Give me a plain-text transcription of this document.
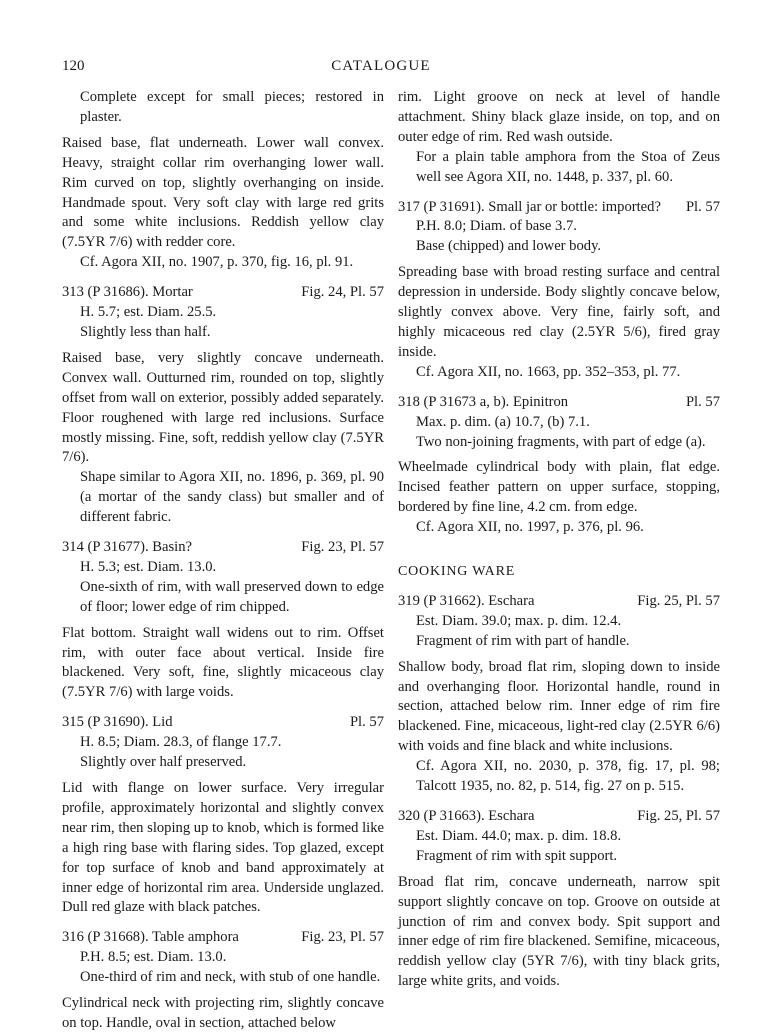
120	CATALOGUE

Complete except for small pieces; restored in plaster.

Raised base, flat underneath. Lower wall convex. Heavy, straight collar rim overhanging lower wall. Rim curved on top, slightly overhanging on inside. Handmade spout. Very soft clay with large red grits and some white inclusions. Reddish yellow clay (7.5YR 7/6) with redder core.

Cf. Agora XII, no. 1907, p. 370, fig. 16, pl. 91.

313 (P 31686). Mortar	Fig. 24, Pl. 57

H. 5.7; est. Diam. 25.5.

Slightly less than half.

Raised base, very slightly concave underneath. Convex wall. Outturned rim, rounded on top, slightly offset from wall on exterior, possibly added separately. Floor roughened with large red inclusions. Surface mostly missing. Fine, soft, reddish yellow clay (7.5YR 7/6).

Shape similar to Agora XII, no. 1896, p. 369, pl. 90 (a mortar of the sandy class) but smaller and of different fabric.

314 (P 31677). Basin?	Fig. 23, Pl. 57

H. 5.3; est. Diam. 13.0.

One-sixth of rim, with wall preserved down to edge of floor; lower edge of rim chipped.

Flat bottom. Straight wall widens out to rim. Offset rim, with outer face about vertical. Inside fire blackened. Very soft, fine, slightly micaceous clay (7.5YR 7/6) with large voids.

315 (P 31690). Lid	Pl. 57

H. 8.5; Diam. 28.3, of flange 17.7.

Slightly over half preserved.

Lid with flange on lower surface. Very irregular profile, approximately horizontal and slightly convex near rim, then sloping up to knob, which is formed like a high ring base with flaring sides. Top glazed, except for top surface of knob and band approximately at inner edge of horizontal rim area. Underside unglazed. Dull red glaze with black patches.

316 (P 31668). Table amphora	Fig. 23, Pl. 57

P.H. 8.5; est. Diam. 13.0.

One-third of rim and neck, with stub of one handle.

Cylindrical neck with projecting rim, slightly concave on top. Handle, oval in section, attached below

rim. Light groove on neck at level of handle attachment. Shiny black glaze inside, on top, and on outer edge of rim. Red wash outside.

For a plain table amphora from the Stoa of Zeus well see Agora XII, no. 1448, p. 337, pl. 60.

317 (P 31691). Small jar or bottle: imported?	Pl. 57

P.H. 8.0; Diam. of base 3.7.

Base (chipped) and lower body.

Spreading base with broad resting surface and central depression in underside. Body slightly concave below, slightly convex above. Very fine, fairly soft, and highly micaceous red clay (2.5YR 5/6), fired gray inside.

Cf. Agora XII, no. 1663, pp. 352–353, pl. 77.

318 (P 31673 a, b). Epinitron	Pl. 57

Max. p. dim. (a) 10.7, (b) 7.1.

Two non-joining fragments, with part of edge (a).

Wheelmade cylindrical body with plain, flat edge. Incised feather pattern on upper surface, stopping, bordered by fine line, 4.2 cm. from edge.

Cf. Agora XII, no. 1997, p. 376, pl. 96.

COOKING WARE

319 (P 31662). Eschara	Fig. 25, Pl. 57

Est. Diam. 39.0; max. p. dim. 12.4.

Fragment of rim with part of handle.

Shallow body, broad flat rim, sloping down to inside and overhanging floor. Horizontal handle, round in section, attached below rim. Inner edge of rim fire blackened. Fine, micaceous, light-red clay (2.5YR 6/6) with voids and fine black and white inclusions.

Cf. Agora XII, no. 2030, p. 378, fig. 17, pl. 98; Talcott 1935, no. 82, p. 514, fig. 27 on p. 515.

320 (P 31663). Eschara	Fig. 25, Pl. 57

Est. Diam. 44.0; max. p. dim. 18.8.

Fragment of rim with spit support.

Broad flat rim, concave underneath, narrow spit support slightly concave on top. Groove on outside at junction of rim and convex body. Spit support and inner edge of rim fire blackened. Semifine, micaceous, reddish yellow clay (5YR 7/6), with tiny black grits, large white grits, and voids.
